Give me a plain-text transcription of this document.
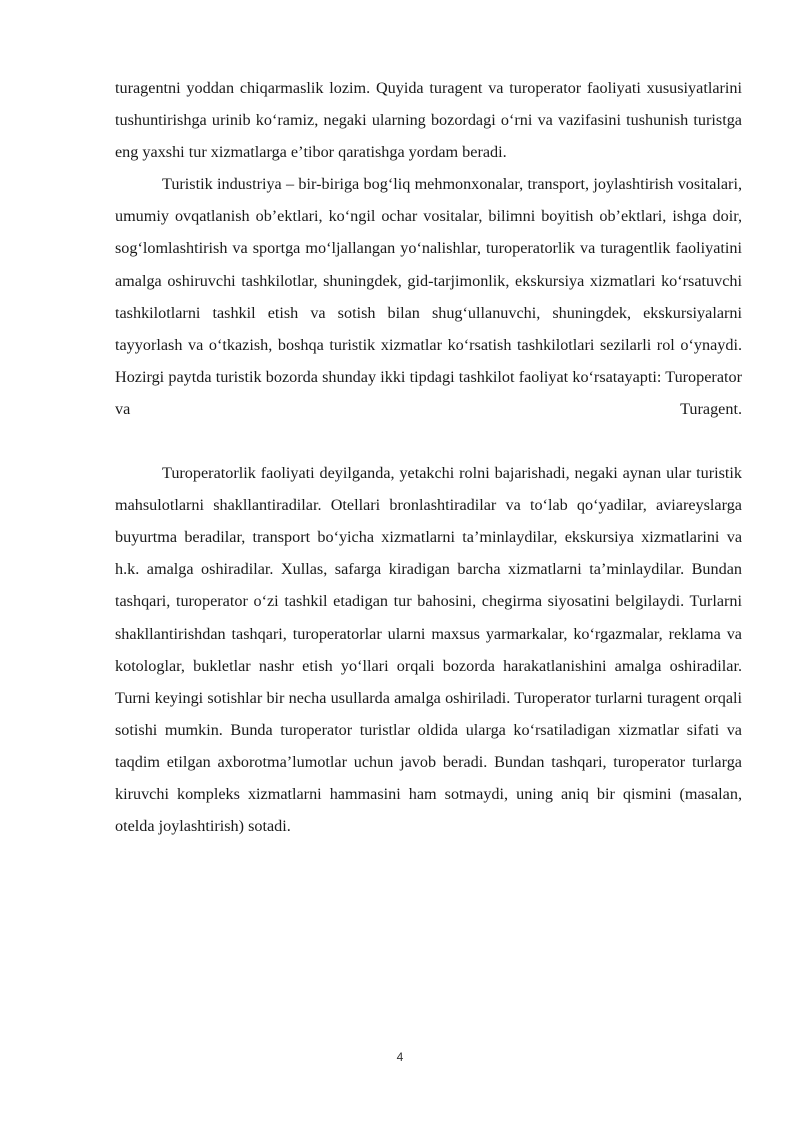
turagentni yoddan chiqarmaslik lozim. Quyida turagent va turoperator faoliyati xususiyatlarini tushuntirishga urinib koʻramiz, negaki ularning bozordagi oʻrni va vazifasini tushunish turistga eng yaxshi tur xizmatlarga eʼtibor qaratishga yordam beradi.

Turistik industriya – bir-biriga bogʻliq mehmonxonalar, transport, joylashtirish vositalari, umumiy ovqatlanish obʼektlari, koʻngil ochar vositalar, bilimni boyitish obʼektlari, ishga doir, sogʻlomlashtirish va sportga moʻljallangan yoʻnalishlar, turoperatorlik va turagentlik faoliyatini amalga oshiruvchi tashkilotlar, shuningdek, gid-tarjimonlik, ekskursiya xizmatlari koʻrsatuvchi tashkilotlarni tashkil etish va sotish bilan shugʻullanuvchi, shuningdek, ekskursiyalarni tayyorlash va oʻtkazish, boshqa turistik xizmatlar koʻrsatish tashkilotlari sezilarli rol oʻynaydi. Hozirgi paytda turistik bozorda shunday ikki tipdagi tashkilot faoliyat koʻrsatayapti: Turoperator va Turagent.

Turoperatorlik faoliyati deyilganda, yetakchi rolni bajarishadi, negaki aynan ular turistik mahsulotlarni shakllantiradilar. Otellari bronlashtiradilar va toʻlab qoʻyadilar, aviareyslarga buyurtma beradilar, transport boʻyicha xizmatlarni taʼminlaydilar, ekskursiya xizmatlarini va h.k. amalga oshiradilar. Xullas, safarga kiradigan barcha xizmatlarni taʼminlaydilar. Bundan tashqari, turoperator oʻzi tashkil etadigan tur bahosini, chegirma siyosatini belgilaydi. Turlarni shakllantirishdan tashqari, turoperatorlar ularni maxsus yarmarkalar, koʻrgazmalar, reklama va kotologlar, bukletlar nashr etish yoʻllari orqali bozorda harakatlanishini amalga oshiradilar. Turni keyingi sotishlar bir necha usullarda amalga oshiriladi. Turoperator turlarni turagent orqali sotishi mumkin. Bunda turoperator turistlar oldida ularga koʻrsatiladigan xizmatlar sifati va taqdim etilgan axborotmaʼlumotlar uchun javob beradi. Bundan tashqari, turoperator turlarga kiruvchi kompleks xizmatlarni hammasini ham sotmaydi, uning aniq bir qismini (masalan, otelda joylashtirish) sotadi.

4
